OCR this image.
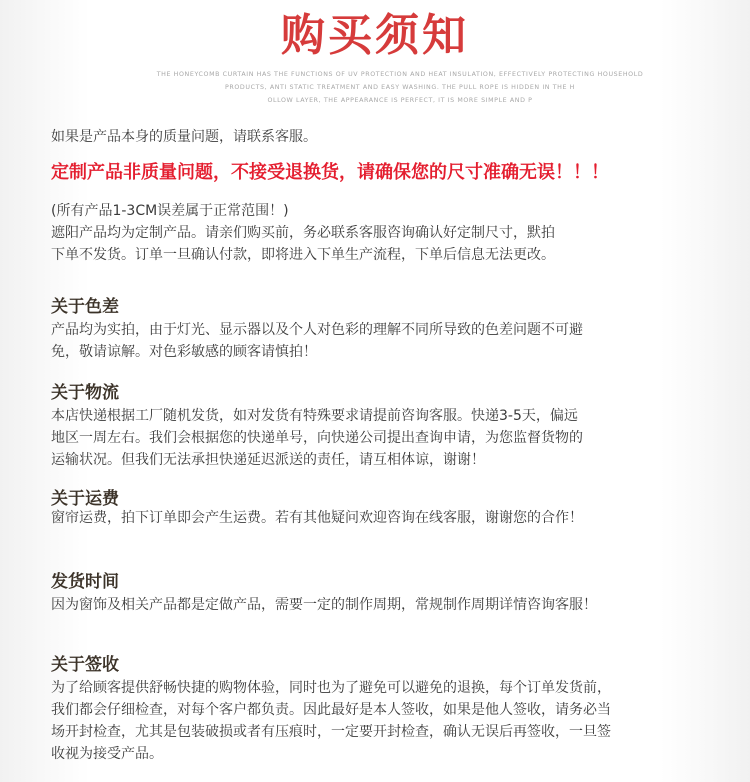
购买须知
THE HONEYCOMB CURTAIN HAS THE FUNCTIONS OF UV PROTECTION AND HEAT INSULATION, EFFECTIVELY PROTECTING HOUSEHOLD
PRODUCTS, ANTI STATIC TREATMENT AND EASY WASHING. THE PULL ROPE IS HIDDEN IN THE H
OLLOW LAYER, THE APPEARANCE IS PERFECT, IT IS MORE SIMPLE AND P
如果是产品本身的质量问题，请联系客服。
定制产品非质量问题，不接受退换货，请确保您的尺寸准确无误！！！
(所有产品1-3CM误差属于正常范围！)
遮阳产品均为定制产品。请亲们购买前，务必联系客服咨询确认好定制尺寸，默拍
下单不发货。订单一旦确认付款，即将进入下单生产流程，下单后信息无法更改。
关于色差
产品均为实拍，由于灯光、显示器以及个人对色彩的理解不同所导致的色差问题不可避
免，敬请谅解。对色彩敏感的顾客请慎拍！
关于物流
本店快递根据工厂随机发货，如对发货有特殊要求请提前咨询客服。快递3-5天，偏远
地区一周左右。我们会根据您的快递单号，向快递公司提出查询申请，为您监督货物的
运输状况。但我们无法承担快递延迟派送的责任，请互相体谅，谢谢！
关于运费
窗帘运费，拍下订单即会产生运费。若有其他疑问欢迎咨询在线客服，谢谢您的合作！
发货时间
因为窗饰及相关产品都是定做产品，需要一定的制作周期，常规制作周期详情咨询客服！
关于签收
为了给顾客提供舒畅快捷的购物体验，同时也为了避免可以避免的退换，每个订单发货前，
我们都会仔细检查，对每个客户都负责。因此最好是本人签收，如果是他人签收，请务必当
场开封检查，尤其是包装破损或者有压痕时，一定要开封检查，确认无误后再签收，一旦签
收视为接受产品。
